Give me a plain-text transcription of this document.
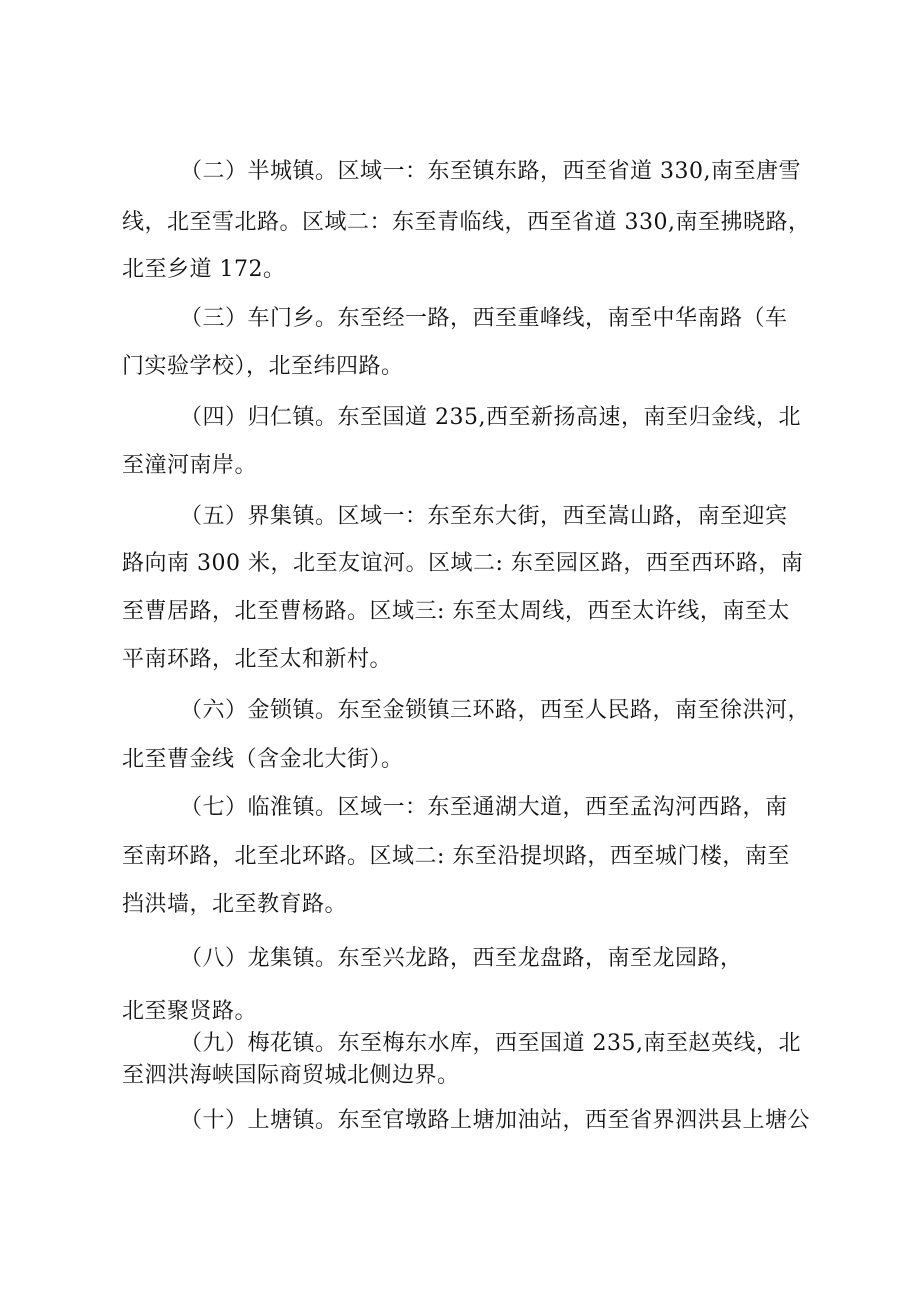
（二）半城镇。区域一：东至镇东路，西至省道 330,南至唐雪
线，北至雪北路。区域二：东至青临线，西至省道 330,南至拂晓路，
北至乡道 172。
（三）车门乡。东至经一路，西至重峰线，南至中华南路（车
门实验学校），北至纬四路。
（四）归仁镇。东至国道 235,西至新扬高速，南至归金线，北
至潼河南岸。
（五）界集镇。区域一：东至东大街，西至嵩山路，南至迎宾
路向南 300 米，北至友谊河。区域二: 东至园区路，西至西环路，南
至曹居路，北至曹杨路。区域三: 东至太周线，西至太许线，南至太
平南环路，北至太和新村。
（六）金锁镇。东至金锁镇三环路，西至人民路，南至徐洪河，
北至曹金线（含金北大街）。
（七）临淮镇。区域一：东至通湖大道，西至孟沟河西路，南
至南环路，北至北环路。区域二: 东至沿提坝路，西至城门楼，南至
挡洪墙，北至教育路。
（八）龙集镇。东至兴龙路，西至龙盘路，南至龙园路，
北至聚贤路。
（九）梅花镇。东至梅东水库，西至国道 235,南至赵英线，北
至泗洪海峡国际商贸城北侧边界。
（十）上塘镇。东至官墩路上塘加油站，西至省界泗洪县上塘公
